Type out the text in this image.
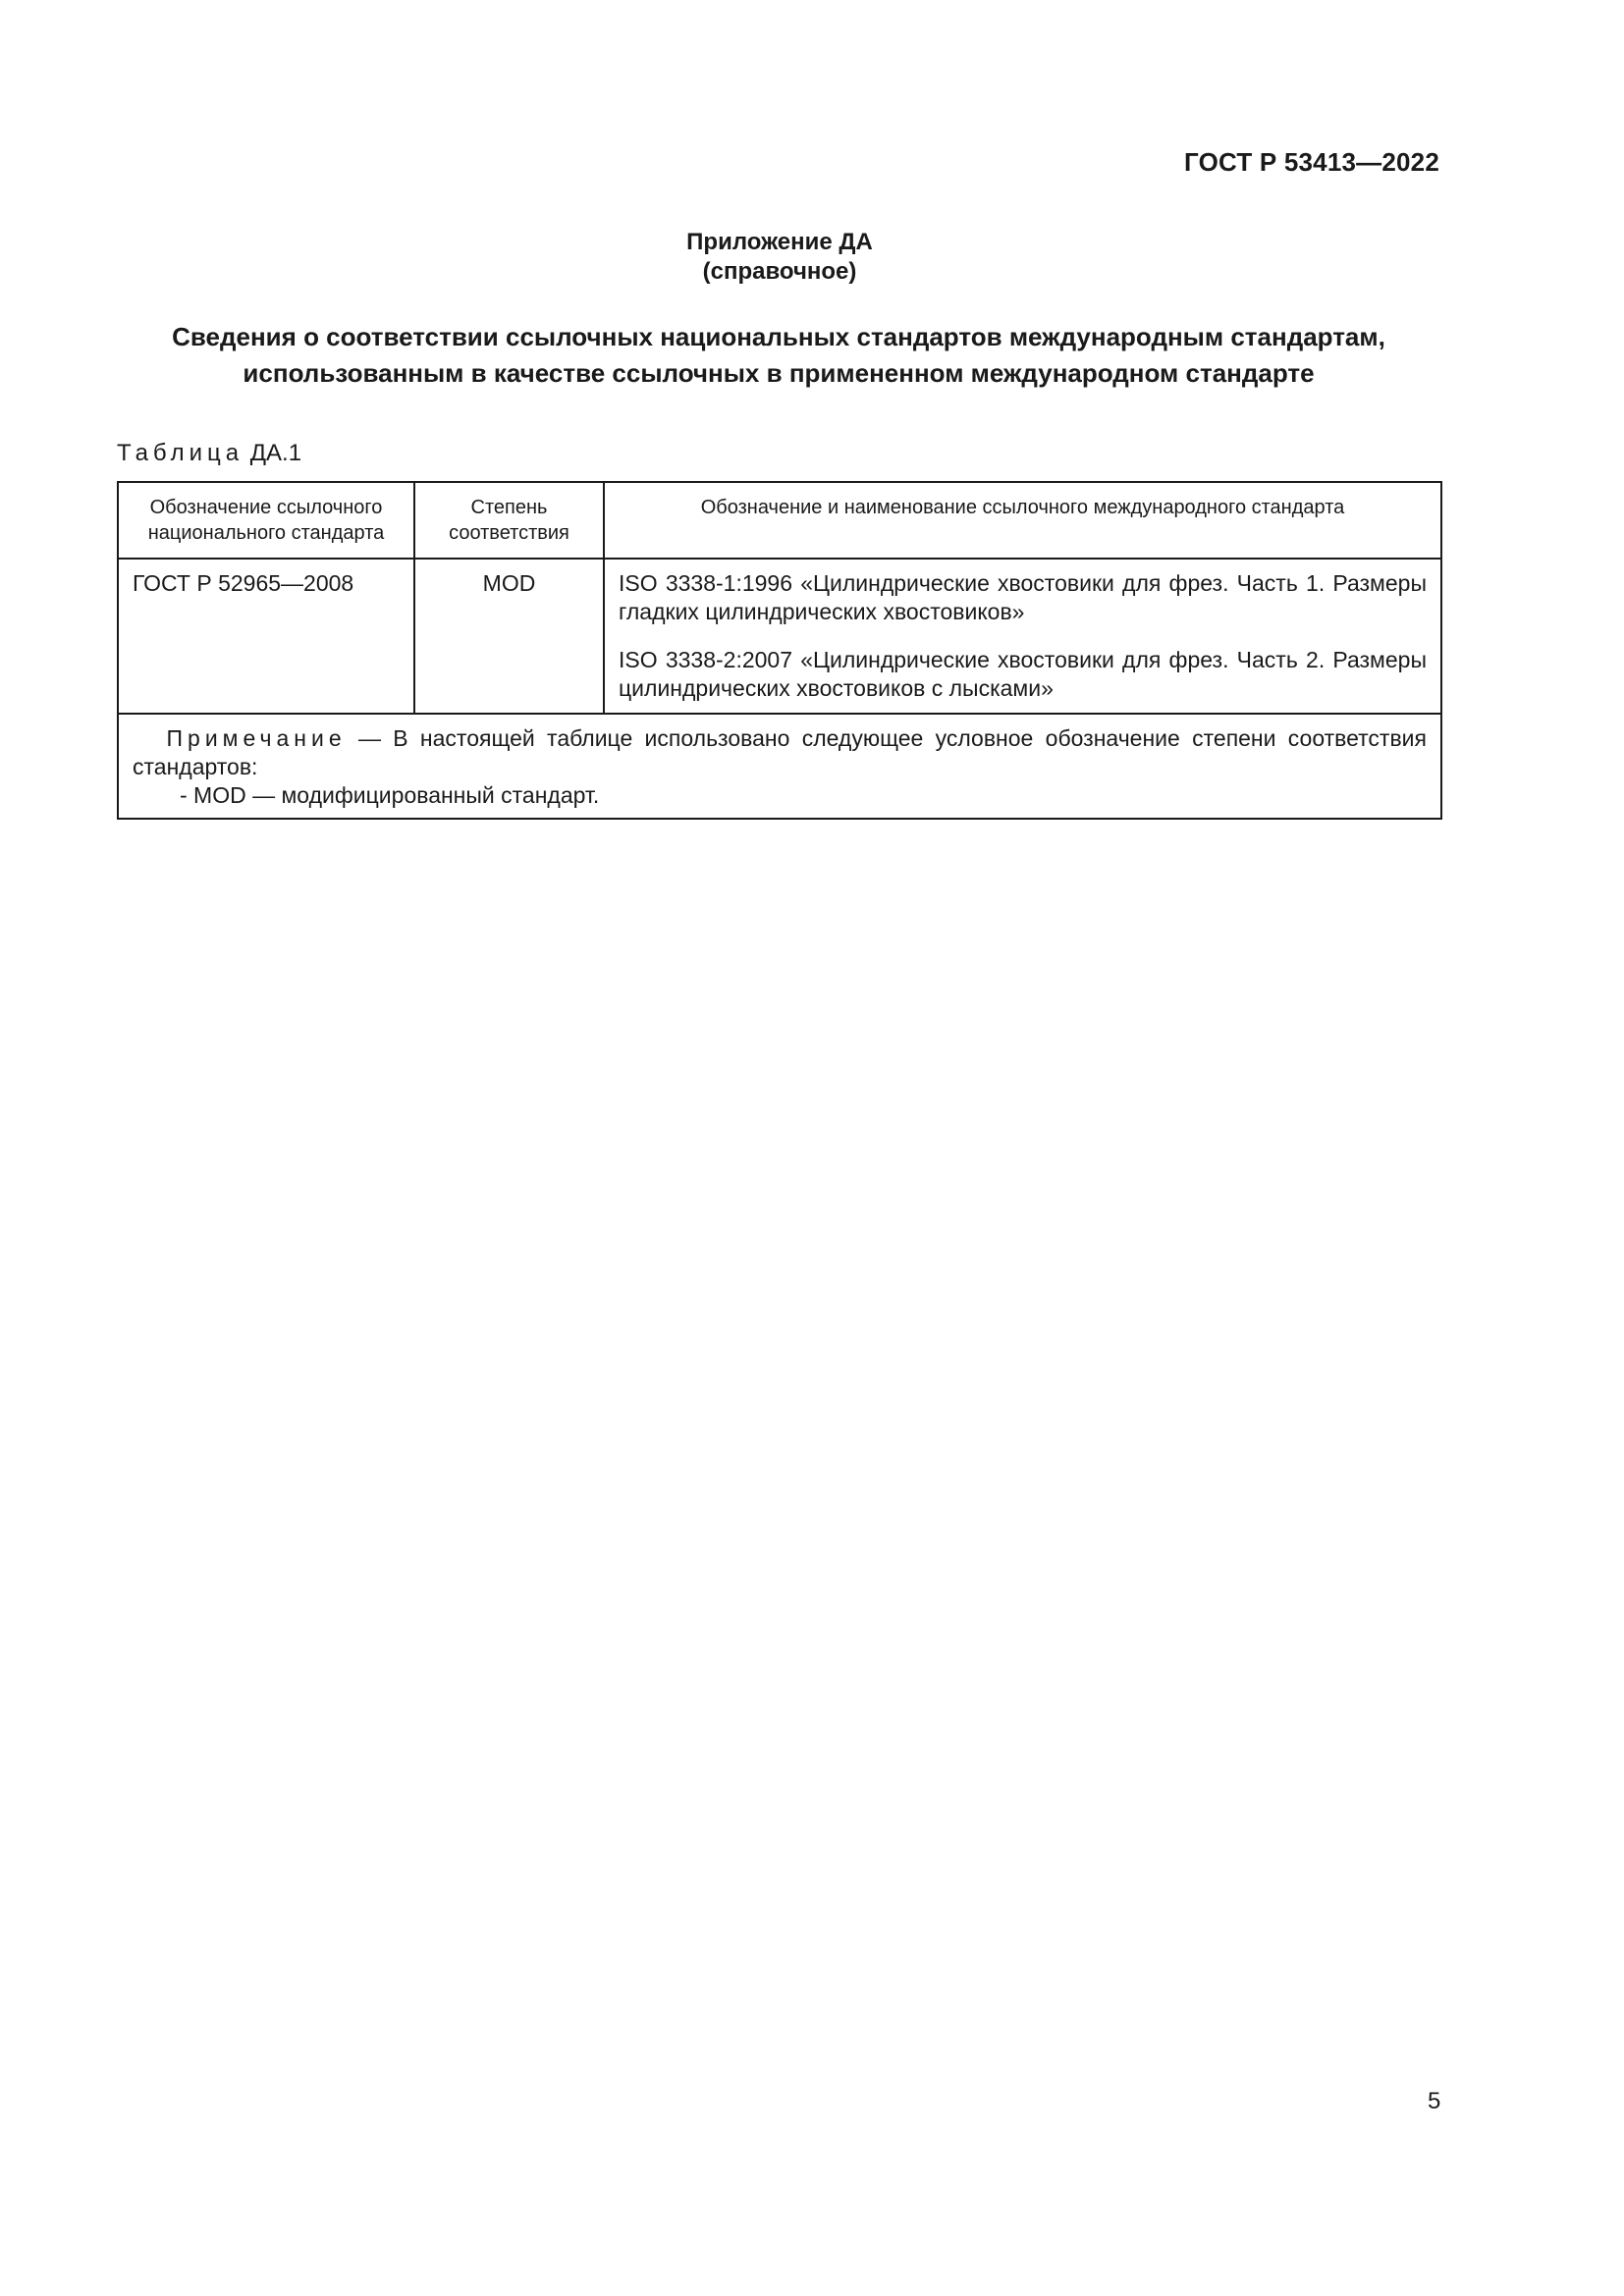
ГОСТ Р 53413—2022
Приложение ДА
(справочное)
Сведения о соответствии ссылочных национальных стандартов международным стандартам,
использованным в качестве ссылочных в примененном международном стандарте
Таблица ДА.1
Обозначение ссылочного национального стандарта	Степень соответствия	Обозначение и наименование ссылочного международного стандарта
ГОСТ Р 52965—2008	MOD	ISO 3338-1:1996 «Цилиндрические хвостовики для фрез. Часть 1. Размеры гладких цилиндрических хвостовиков»

ISO 3338-2:2007 «Цилиндрические хвостовики для фрез. Часть 2. Размеры цилиндрических хвостовиков с лысками»

  Примечание — В настоящей таблице использовано следующее условное обозначение степени соответствия стандартов:
- MOD — модифицированный стандарт.		
5
